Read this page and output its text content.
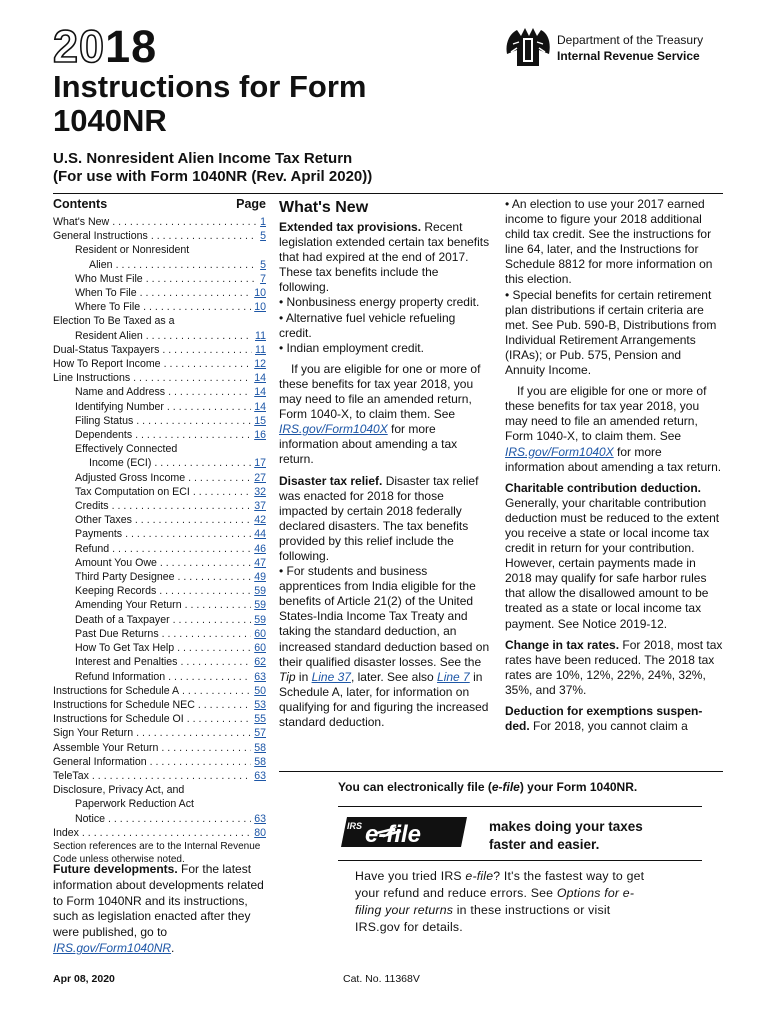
2018
Instructions for Form 1040NR
U.S. Nonresident Alien Income Tax Return
(For use with Form 1040NR (Rev. April 2020))
Department of the Treasury
Internal Revenue Service
Contents	Page
What's New . . .	1
General Instructions . . .	5
Resident or Nonresident
Alien . . .	5
Who Must File . . .	7
When To File . . .	10
Where To File . . .	10
Election To Be Taxed as a
Resident Alien . . .	11
Dual-Status Taxpayers . . .	11
How To Report Income . . .	12
Line Instructions . . .	14
Name and Address . . .	14
Identifying Number . . .	14
Filing Status . . .	15
Dependents . . .	16
Effectively Connected
Income (ECI) . . .	17
Adjusted Gross Income . . .	27
Tax Computation on ECI . . .	32
Credits . . .	37
Other Taxes . . .	42
Payments . . .	44
Refund . . .	46
Amount You Owe . . .	47
Third Party Designee . . .	49
Keeping Records . . .	59
Amending Your Return . . .	59
Death of a Taxpayer . . .	59
Past Due Returns . . .	60
How To Get Tax Help . . .	60
Interest and Penalties . . .	62
Refund Information . . .	63
Instructions for Schedule A . . .	50
Instructions for Schedule NEC . . .	53
Instructions for Schedule OI . . .	55
Sign Your Return . . .	57
Assemble Your Return . . .	58
General Information . . .	58
TeleTax . . .	63
Disclosure, Privacy Act, and
Paperwork Reduction Act
Notice . . .	63
Index . . .	80
Section references are to the Internal Revenue Code unless otherwise noted.
Future developments. For the latest information about developments related to Form 1040NR and its instructions, such as legislation enacted after they were published, go to IRS.gov/Form1040NR.
What's New

Extended tax provisions. Recent legislation extended certain tax benefits that had expired at the end of 2017. These tax benefits include the following.

• Nonbusiness energy property credit.

• Alternative fuel vehicle refueling credit.

• Indian employment credit.

If you are eligible for one or more of these benefits for tax year 2018, you may need to file an amended return, Form 1040-X, to claim them. See IRS.gov/Form1040X for more information about amending a tax return.

Disaster tax relief. Disaster tax relief was enacted for 2018 for those impacted by certain 2018 federally declared disasters. The tax benefits provided by this relief include the following.

• For students and business apprentices from India eligible for the benefits of Article 21(2) of the United States-India Income Tax Treaty and taking the standard deduction, an increased standard deduction based on their qualified disaster losses. See the Tip in Line 37, later. See also Line 7 in Schedule A, later, for information on qualifying for and figuring the increased standard deduction.

• An election to use your 2017 earned income to figure your 2018 additional child tax credit. See the instructions for line 64, later, and the Instructions for Schedule 8812 for more information on this election.

• Special benefits for certain retirement plan distributions if certain criteria are met. See Pub. 590-B, Distributions from Individual Retirement Arrangements (IRAs); or Pub. 575, Pension and Annuity Income.

If you are eligible for one or more of these benefits for tax year 2018, you may need to file an amended return, Form 1040-X, to claim them. See IRS.gov/Form1040X for more information about amending a tax return.

Charitable contribution deduction. Generally, your charitable contribution deduction must be reduced to the extent you receive a state or local income tax credit in return for your contribution. However, certain payments made in 2018 may qualify for safe harbor rules that allow the disallowed amount to be treated as a state or local income tax payment. See Notice 2019-12.

Change in tax rates. For 2018, most tax rates have been reduced. The 2018 tax rates are 10%, 12%, 22%, 24%, 32%, 35%, and 37%.

Deduction for exemptions suspen-ded. For 2018, you cannot claim a

You can electronically file (e-file) your Form 1040NR.
IRS e-file	makes doing your taxes
faster and easier.
Have you tried IRS e-file? It's the fastest way to get your refund and reduce errors. See Options for e-filing your returns in these instructions or visit IRS.gov for details.
Apr 08, 2020	Cat. No. 11368V
